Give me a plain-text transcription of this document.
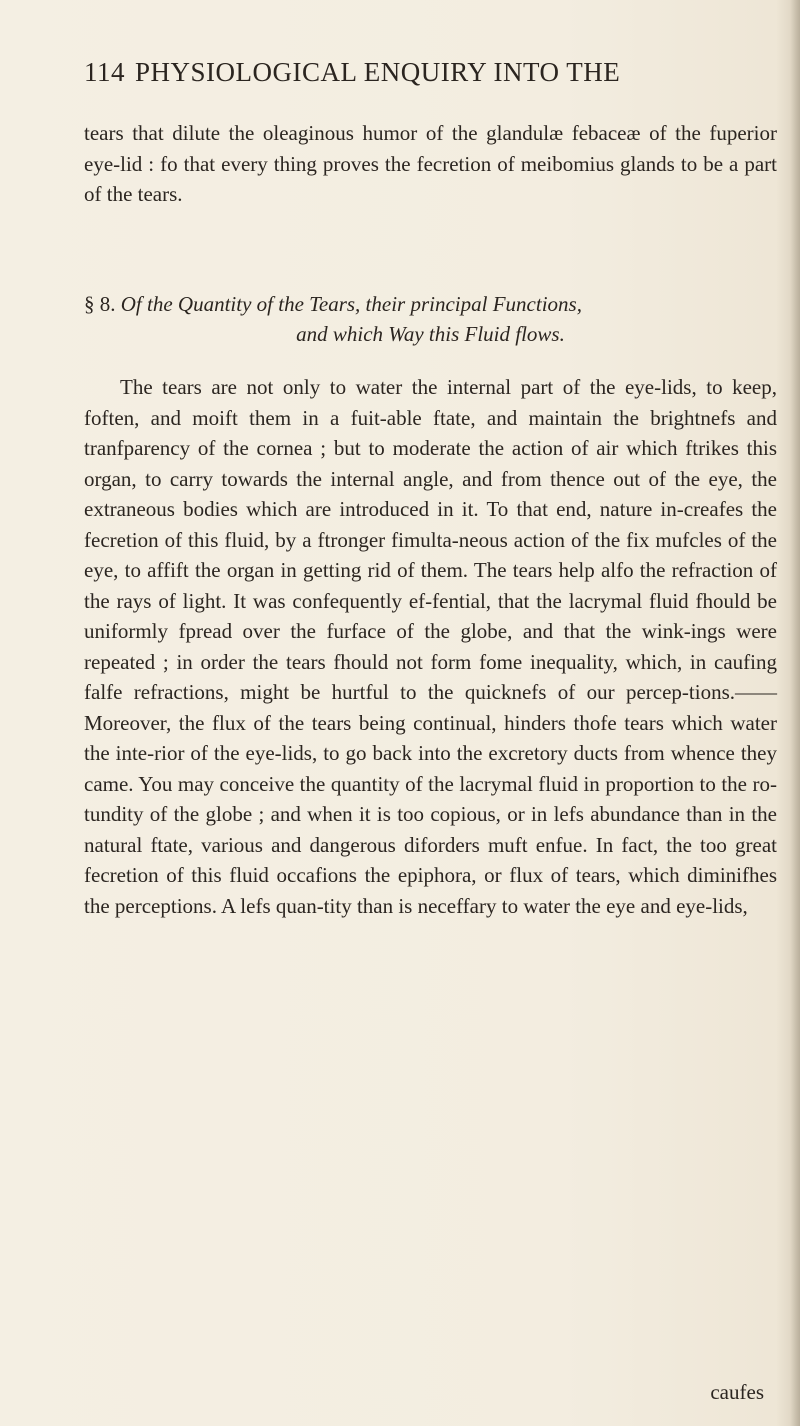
114 PHYSIOLOGICAL ENQUIRY INTO THE

tears that dilute the oleaginous humor of the glandulæ febaceæ of the fuperior eye-lid : fo that every thing proves the fecretion of meibomius glands to be a part of the tears.

§ 8. Of the Quantity of the Tears, their principal Functions,
and which Way this Fluid flows.

The tears are not only to water the internal part of the eye-lids, to keep, foften, and moift them in a fuit-able ftate, and maintain the brightnefs and tranfparency of the cornea ; but to moderate the action of air which ftrikes this organ, to carry towards the internal angle, and from thence out of the eye, the extraneous bodies which are introduced in it. To that end, nature in-creafes the fecretion of this fluid, by a ftronger fimulta-neous action of the fix mufcles of the eye, to affift the organ in getting rid of them. The tears help alfo the refraction of the rays of light. It was confequently ef-fential, that the lacrymal fluid fhould be uniformly fpread over the furface of the globe, and that the wink-ings were repeated ; in order the tears fhould not form fome inequality, which, in caufing falfe refractions, might be hurtful to the quicknefs of our percep-tions.——Moreover, the flux of the tears being continual, hinders thofe tears which water the inte-rior of the eye-lids, to go back into the excretory ducts from whence they came. You may conceive the quantity of the lacrymal fluid in proportion to the ro-tundity of the globe ; and when it is too copious, or in lefs abundance than in the natural ftate, various and dangerous diforders muft enfue. In fact, the too great fecretion of this fluid occafions the epiphora, or flux of tears, which diminifhes the perceptions. A lefs quan-tity than is neceffary to water the eye and eye-lids,

caufes
